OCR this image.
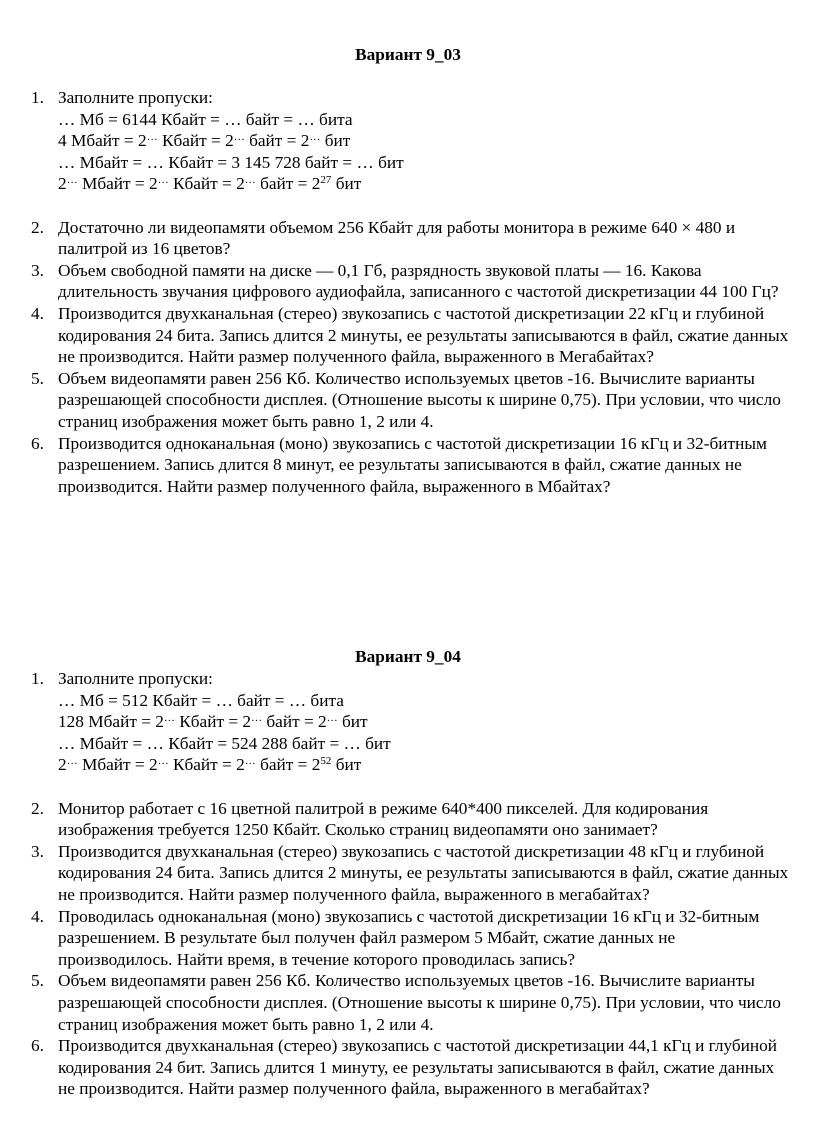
Вариант 9_03
1. Заполните пропуски:
… Мб = 6144 Кбайт = … байт = … бита
4 Мбайт = 2… Кбайт = 2… байт = 2… бит
… Мбайт = … Кбайт = 3 145 728 байт = … бит
2… Мбайт = 2… Кбайт = 2… байт = $2^{27}$ бит
2. Достаточно ли видеопамяти объемом 256 Кбайт для работы монитора в режиме 640 × 480 и палитрой из 16 цветов?
3. Объем свободной памяти на диске — 0,1 Гб, разрядность звуковой платы — 16. Какова длительность звучания цифрового аудиофайла, записанного с частотой дискретизации 44 100 Гц?
4. Производится двухканальная (стерео) звукозапись с частотой дискретизации 22 кГц и глубиной кодирования 24 бита. Запись длится 2 минуты, ее результаты записываются в файл, сжатие данных не производится. Найти размер полученного файла, выраженного в Мегабайтах?
5. Объем видеопамяти равен 256 Кб. Количество используемых цветов -16. Вычислите варианты разрешающей способности дисплея. (Отношение высоты к ширине 0,75). При условии, что число страниц изображения может быть равно 1, 2 или 4.
6. Производится одноканальная (моно) звукозапись с частотой дискретизации 16 кГц и 32-битным разрешением. Запись длится 8 минут, ее результаты записываются в файл, сжатие данных не производится. Найти размер полученного файла, выраженного в Мбайтах?
Вариант 9_04
1. Заполните пропуски:
… Мб = 512 Кбайт = … байт = … бита
128 Мбайт = 2… Кбайт = 2… байт = 2… бит
… Мбайт = … Кбайт = 524 288 байт = … бит
2… Мбайт = 2… Кбайт = 2… байт = $2^{52}$ бит
2. Монитор работает с 16 цветной палитрой в режиме 640*400 пикселей. Для кодирования изображения требуется 1250 Кбайт. Сколько страниц видеопамяти оно занимает?
3. Производится двухканальная (стерео) звукозапись с частотой дискретизации 48 кГц и глубиной кодирования 24 бита. Запись длится 2 минуты, ее результаты записываются в файл, сжатие данных не производится. Найти размер полученного файла, выраженного в мегабайтах?
4. Проводилась одноканальная (моно) звукозапись с частотой дискретизации 16 кГц и 32-битным разрешением. В результате был получен файл размером 5 Мбайт, сжатие данных не производилось. Найти время, в течение которого проводилась запись?
5. Объем видеопамяти равен 256 Кб. Количество используемых цветов -16. Вычислите варианты разрешающей способности дисплея. (Отношение высоты к ширине 0,75). При условии, что число страниц изображения может быть равно 1, 2 или 4.
6. Производится двухканальная (стерео) звукозапись с частотой дискретизации 44,1 кГц и глубиной кодирования 24 бит. Запись длится 1 минуту, ее результаты записываются в файл, сжатие данных не производится. Найти размер полученного файла, выраженного в мегабайтах?
